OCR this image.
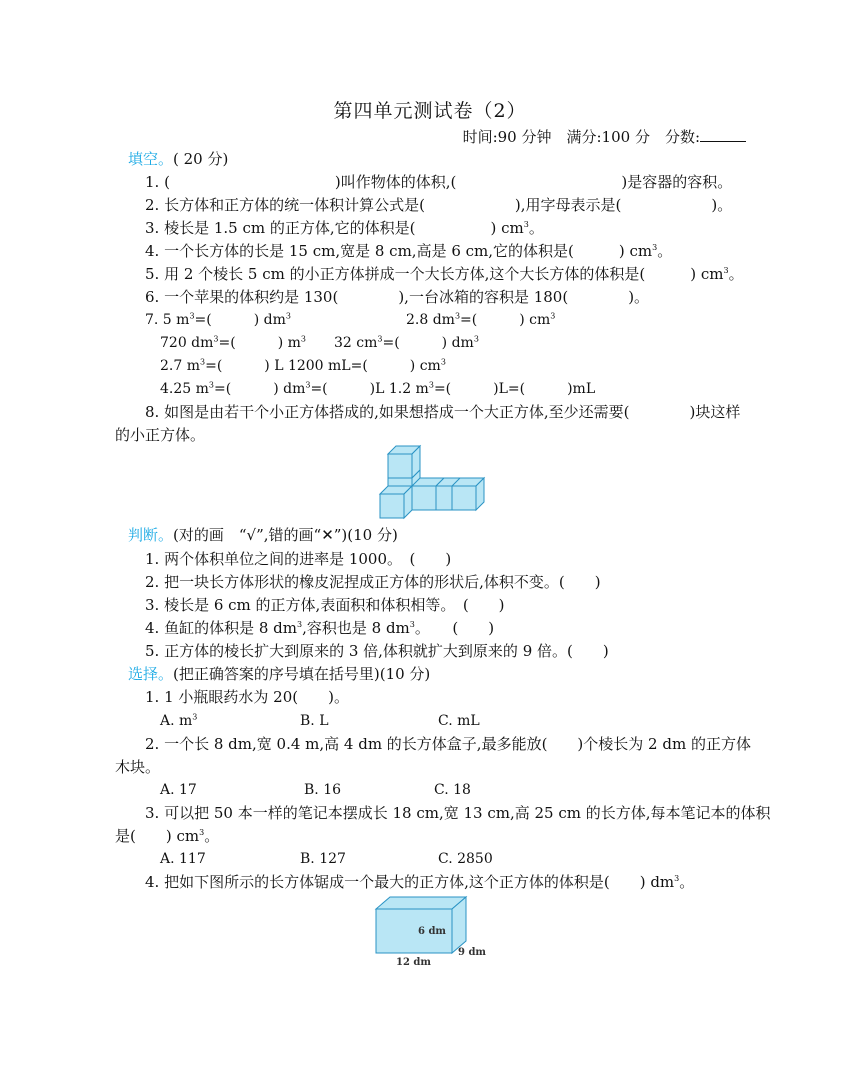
第四单元测试卷（2）
时间:90 分钟　满分:100 分　分数:
填空。( 20 分)
1. (　　　　　　　　　　　)叫作物体的体积,(　　　　　　　　　　　)是容器的容积。
2. 长方体和正方体的统一体积计算公式是(　　　　　　),用字母表示是(　　　　　　)。
3. 棱长是 1.5 cm 的正方体,它的体积是(　　　　　) $cm^3$。
4. 一个长方体的长是 15 cm,宽是 8 cm,高是 6 cm,它的体积是(　　　) $cm^3$。
5. 用 2 个棱长 5 cm 的小正方体拼成一个大长方体,这个大长方体的体积是(　　　) $cm^3$。
6. 一个苹果的体积约是 130(　　　　),一台冰箱的容积是 180(　　　　)。
7. 5 $m^3=$(　　　) $dm^3$	2.8 $dm^3=$(　　　) $cm^3$
720 $dm^3=$(　　　) $m^3$　　32 $cm^3=$(　　　) $dm^3$
2.7 $m^3=$(　　　) L 1200 mL=(　　　) $cm^3$
4.25 $m^3=$(　　　) $dm^3=$(　　　)L 1.2 $m^3=$(　　　)L=(　　　)mL
8. 如图是由若干个小正方体搭成的,如果想搭成一个大正方体,至少还需要(　　　　)块这样
的小正方体。
判断。(对的画　“√”,错的画“✕”)(10 分)
1. 两个体积单位之间的进率是 1000。　(　　)
2. 把一块长方体形状的橡皮泥捏成正方体的形状后,体积不变。(　　)
3. 棱长是 6 cm 的正方体,表面积和体积相等。　(　　)
4. 鱼缸的体积是 8 $dm^3$,容积也是 8 $dm^3$。　　(　　)
5. 正方体的棱长扩大到原来的 3 倍,体积就扩大到原来的 9 倍。(　　)
选择。(把正确答案的序号填在括号里)(10 分)
1. 1 小瓶眼药水为 20(　　)。
A. $m^3$	B. L	C. mL
2. 一个长 8 dm,宽 0.4 m,高 4 dm 的长方体盒子,最多能放(　　)个棱长为 2 dm 的正方体
木块。
A. 17	B. 16	C. 18
3. 可以把 50 本一样的笔记本摆成长 18 cm,宽 13 cm,高 25 cm 的长方体,每本笔记本的体积
是(　　) $cm^3$。
A. 117	B. 127	C. 2850
4. 把如下图所示的长方体锯成一个最大的正方体,这个正方体的体积是(　　) $dm^3$。
6 dm
9 dm
12 dm
